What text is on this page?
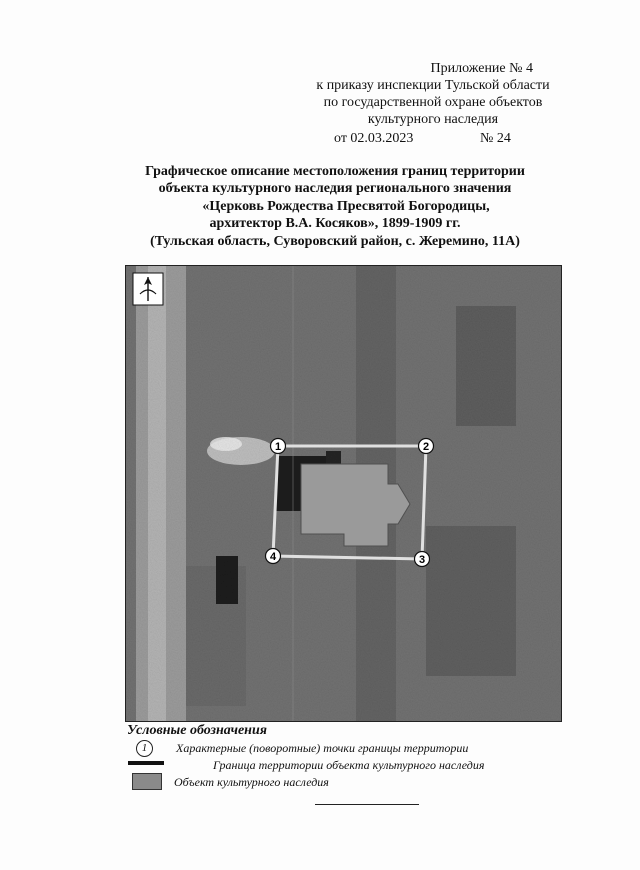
Приложение № 4
к приказу инспекции Тульской области
по государственной охране объектов
культурного наследия
от 02.03.2023	№ 24
Графическое описание местоположения границ территории
объекта культурного наследия регионального значения
«Церковь Рождества Пресвятой Богородицы,
архитектор В.А. Косяков», 1899-1909 гг.
(Тульская область, Суворовский район, с. Жеремино, 11А)
1	2
3
4
Условные обозначения
1	Характерные (поворотные) точки границы территории
Граница территории объекта культурного наследия
Объект культурного наследия
